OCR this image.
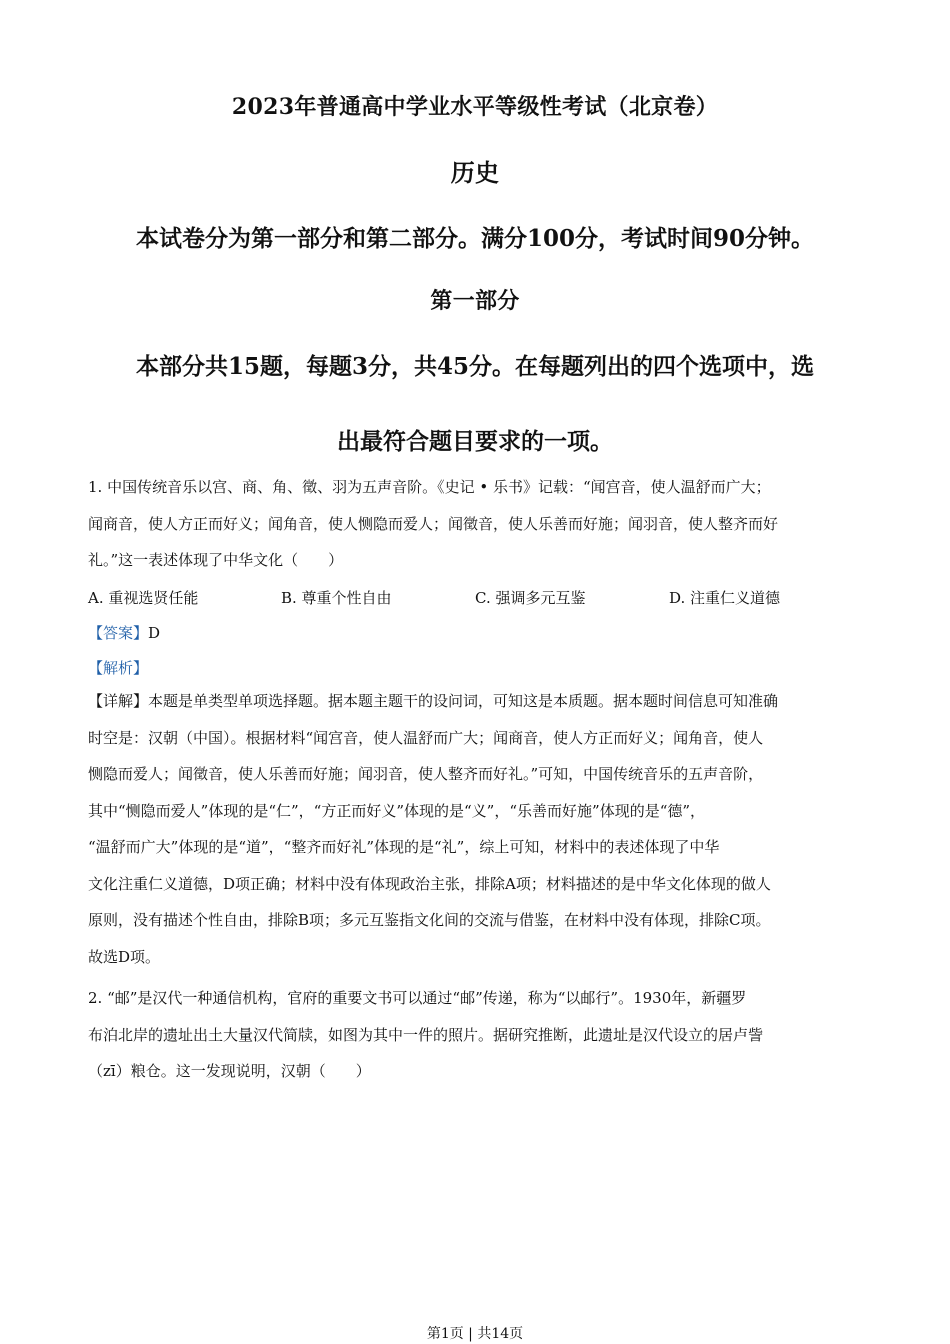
2023年普通高中学业水平等级性考试（北京卷）
历史
本试卷分为第一部分和第二部分。满分100分，考试时间90分钟。
第一部分
本部分共15题，每题3分，共45分。在每题列出的四个选项中，选
出最符合题目要求的一项。
1. 中国传统音乐以宫、商、角、徵、羽为五声音阶。《史记 • 乐书》记载：“闻宫音，使人温舒而广大；
闻商音，使人方正而好义；闻角音，使人恻隐而爱人；闻徵音，使人乐善而好施；闻羽音，使人整齐而好
礼。”这一表述体现了中华文化（　　）
A. 重视选贤任能	B. 尊重个性自由	C. 强调多元互鉴	D. 注重仁义道德
【答案】D
【解析】
【详解】本题是单类型单项选择题。据本题主题干的设问词，可知这是本质题。据本题时间信息可知准确
时空是：汉朝（中国）。根据材料“闻宫音，使人温舒而广大；闻商音，使人方正而好义；闻角音，使人
恻隐而爱人；闻徵音，使人乐善而好施；闻羽音，使人整齐而好礼。”可知，中国传统音乐的五声音阶，
其中“恻隐而爱人”体现的是“仁”，“方正而好义”体现的是“义”，“乐善而好施”体现的是“德”，
“温舒而广大”体现的是“道”，“整齐而好礼”体现的是“礼”，综上可知，材料中的表述体现了中华
文化注重仁义道德，D项正确；材料中没有体现政治主张，排除A项；材料描述的是中华文化体现的做人
原则，没有描述个性自由，排除B项；多元互鉴指文化间的交流与借鉴，在材料中没有体现，排除C项。
故选D项。
2. “邮”是汉代一种通信机构，官府的重要文书可以通过“邮”传递，称为“以邮行”。1930年，新疆罗
布泊北岸的遗址出土大量汉代简牍，如图为其中一件的照片。据研究推断，此遗址是汉代设立的居卢訾
（zī）粮仓。这一发现说明，汉朝（　　）
第1页 | 共14页
